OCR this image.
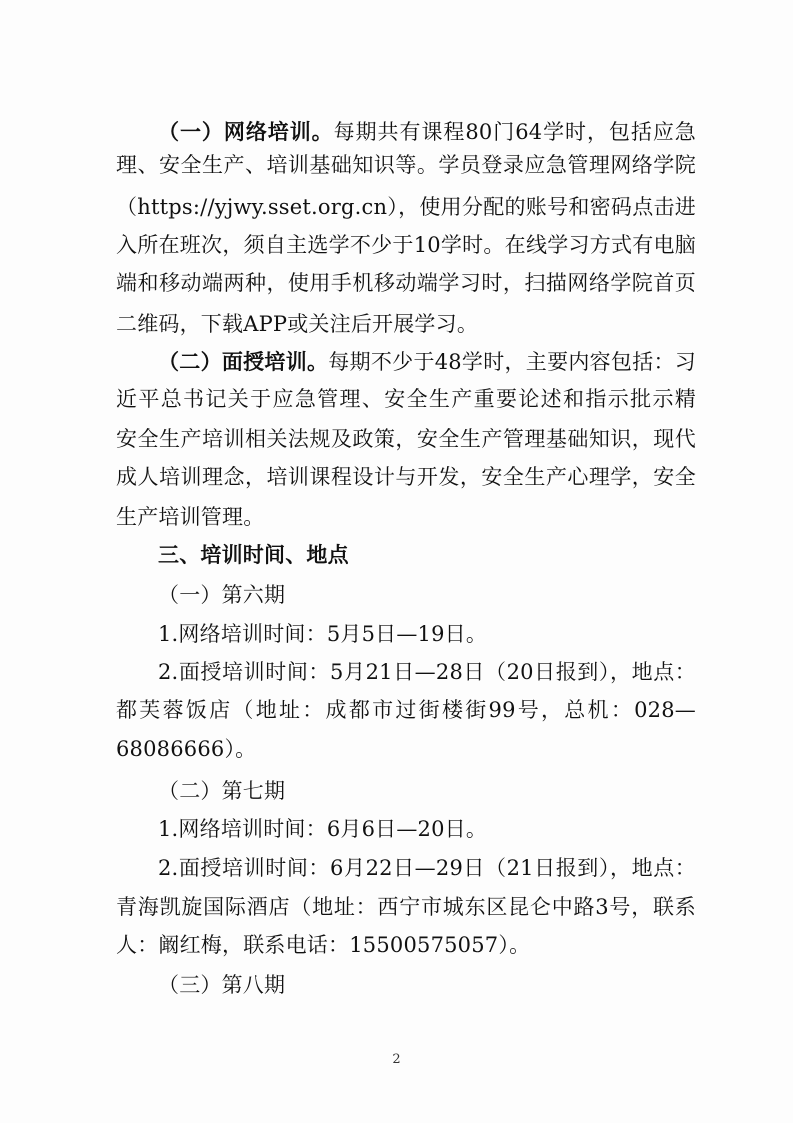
（一）网络培训。每期共有课程80门64学时，包括应急
理、安全生产、培训基础知识等。学员登录应急管理网络学院
（https://yjwy.sset.org.cn），使用分配的账号和密码点击进
入所在班次，须自主选学不少于10学时。在线学习方式有电脑
端和移动端两种，使用手机移动端学习时，扫描网络学院首页
二维码，下载APP或关注后开展学习。
（二）面授培训。每期不少于48学时，主要内容包括：习
近平总书记关于应急管理、安全生产重要论述和指示批示精
安全生产培训相关法规及政策，安全生产管理基础知识，现代
成人培训理念，培训课程设计与开发，安全生产心理学，安全
生产培训管理。
三、培训时间、地点
（一）第六期
1.网络培训时间：5月5日—19日。
2.面授培训时间：5月21日—28日（20日报到），地点：
都芙蓉饭店（地址：成都市过街楼街99号，总机：028—
68086666）。
（二）第七期
1.网络培训时间：6月6日—20日。
2.面授培训时间：6月22日—29日（21日报到），地点：
青海凯旋国际酒店（地址：西宁市城东区昆仑中路3号，联系
人：阚红梅，联系电话：15500575057）。
（三）第八期
2
